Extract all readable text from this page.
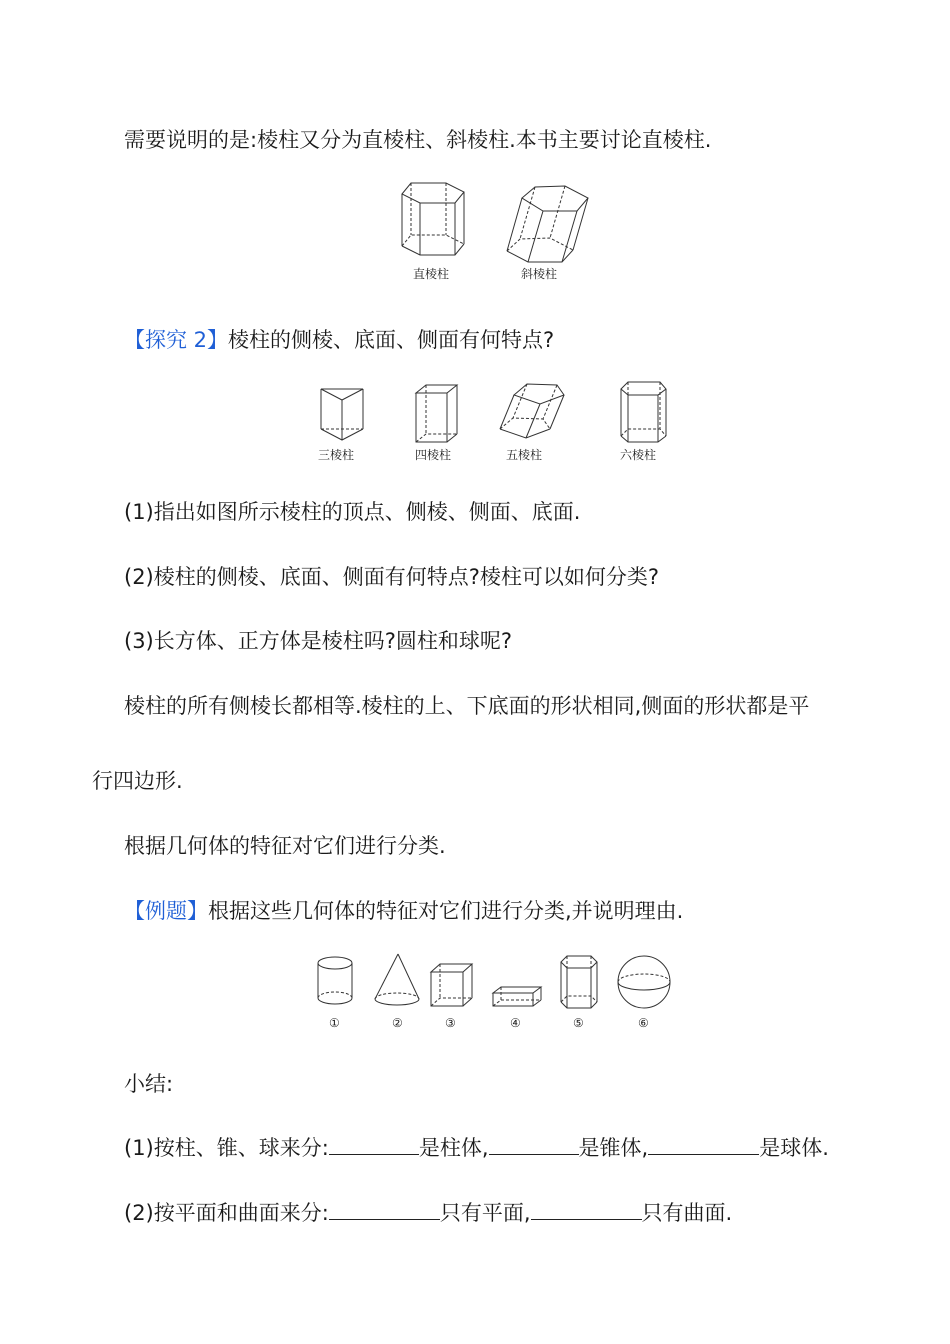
需要说明的是:棱柱又分为直棱柱、斜棱柱.本书主要讨论直棱柱.
直棱柱	斜棱柱
【探究 2】棱柱的侧棱、底面、侧面有何特点?
三棱柱	四棱柱	五棱柱	六棱柱
(1)指出如图所示棱柱的顶点、侧棱、侧面、底面.
(2)棱柱的侧棱、底面、侧面有何特点?棱柱可以如何分类?
(3)长方体、正方体是棱柱吗?圆柱和球呢?
棱柱的所有侧棱长都相等.棱柱的上、下底面的形状相同,侧面的形状都是平
行四边形.
根据几何体的特征对它们进行分类.
【例题】根据这些几何体的特征对它们进行分类,并说明理由.
①	②	③	④	⑤	⑥
小结:
(1)按柱、锥、球来分:	是柱体,	是锥体,	是球体.
(2)按平面和曲面来分:	只有平面,	只有曲面.
